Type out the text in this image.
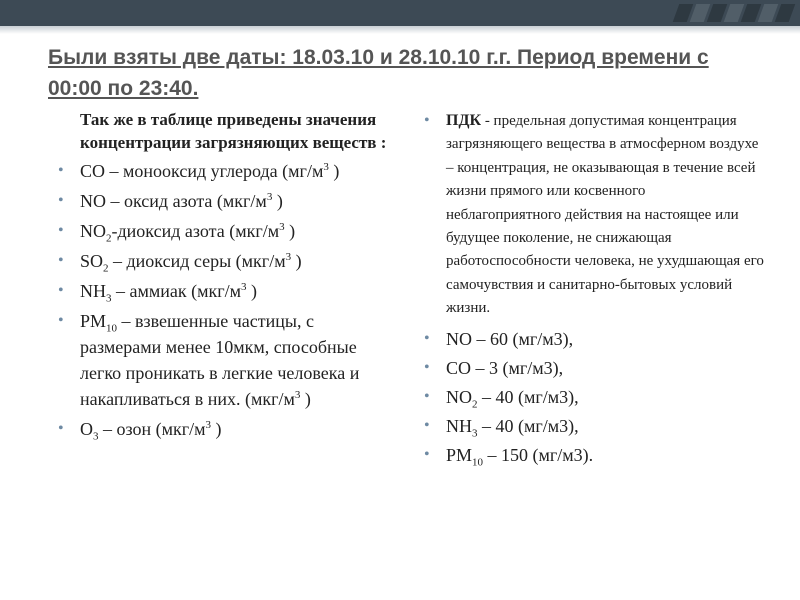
Были взяты две даты: 18.03.10 и 28.10.10 г.г. Период времени с 00:00 по 23:40.
Так же в таблице приведены значения концентрации загрязняющих веществ :
• CO – монооксид углерода ($мг/м^3$ )
• NO – оксид азота ($мкг/м^3$ )
• $NO_2$-диоксид азота ($мкг/м^3$ )
• $SO_2$ – диоксид серы ($мкг/м^3$ )
• $NH_3$ – аммиак ($мкг/м^3$ )
• $PM_{10}$ – взвешенные частицы, с размерами менее 10мкм, способные легко проникать в легкие человека и накапливаться в них. ($мкг/м^3$ )
• $O_3$ – озон ($мкг/м^3$ )
• ПДК - предельная допустимая концентрация загрязняющего вещества в атмосферном воздухе – концентрация, не оказывающая в течение всей жизни прямого или косвенного неблагоприятного действия на настоящее или будущее поколение, не снижающая работоспособности человека, не ухудшающая его самочувствия и санитарно-бытовых условий жизни.
• NO – 60 (мг/м3),
• CO – 3 (мг/м3),
• $NO_2 - 40$ (мг/м3),
• $NH_3 - 40$ (мг/м3),
• $PM_{10} - 150$ (мг/м3).
